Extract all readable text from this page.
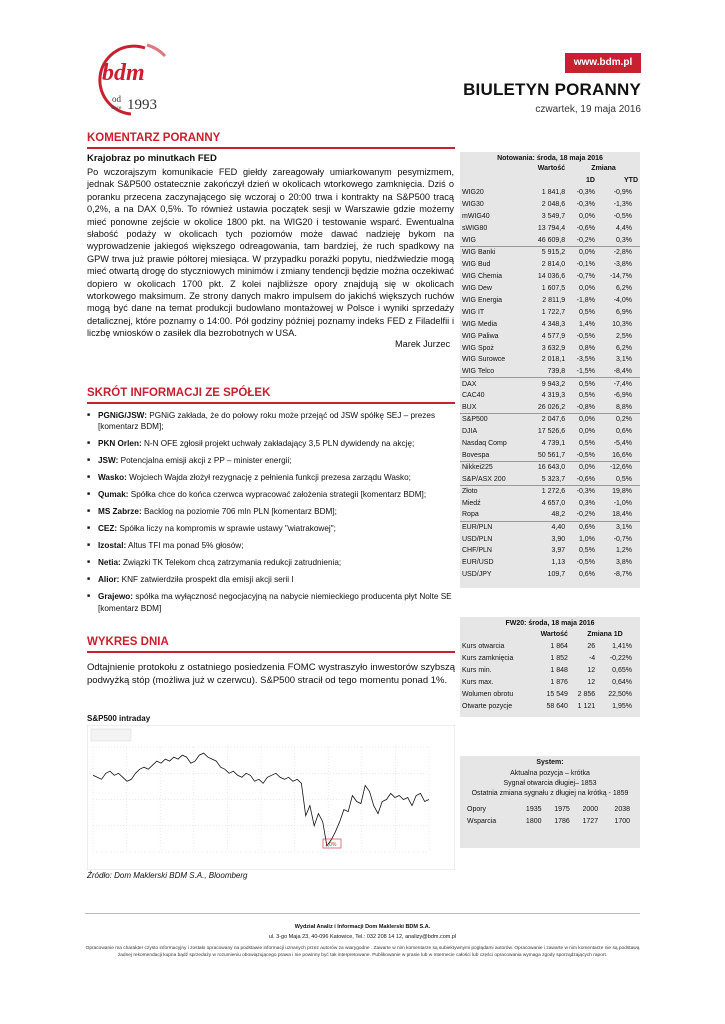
bdm
od
since 1993
www.bdm.pl
BIULETYN PORANNY
czwartek, 19 maja 2016
KOMENTARZ PORANNY
Krajobraz po minutkach FED
Po wczorajszym komunikacie FED giełdy zareagowały umiarkowanym pesymizmem, jednak S&P500 ostatecznie zakończył dzień w okolicach wtorkowego zamknięcia. Dziś o poranku przecena zaczynającego się wczoraj o 20:00 trwa i kontrakty na S&P500 tracą 0,2%, a na DAX 0,5%. To również ustawia początek sesji w Warszawie gdzie możemy mieć ponowne zejście w okolice 1800 pkt. na WIG20 i testowanie wsparć. Ewentualna słabość podaży w okolicach tych poziomów może dawać nadzieję bykom na wyprowadzenie jakiegoś większego odreagowania, tam bardziej, że ruch spadkowy na GPW trwa już prawie półtorej miesiąca. W przypadku porażki popytu, niedźwiedzie mogą mieć otwartą drogę do styczniowych minimów i zmiany tendencji będzie można oczekiwać dopiero w okolicach 1700 pkt. Z kolei najbliższe opory znajdują się w okolicach wtorkowego maksimum. Ze strony danych makro impulsem do jakichś większych ruchów mogą być dane na temat produkcji budowlano montażowej w Polsce i wyniki sprzedaży detalicznej, które poznamy o 14:00. Pół godziny później poznamy indeks FED z Filadelfii i liczbę wniosków o zasiłek dla bezrobotnych w USA.
Marek Jurzec
SKRÓT INFORMACJI ZE SPÓŁEK
■ PGNiG/JSW: PGNiG zakłada, że do połowy roku może przejąć od JSW spółkę SEJ – prezes [komentarz BDM];
■ PKN Orlen: N-N OFE zgłosił projekt uchwały zakładający 3,5 PLN dywidendy na akcję;
■ JSW: Potencjalna emisji akcji z PP – minister energii;
■ Wasko: Wojciech Wajda złożył rezygnację z pełnienia funkcji prezesa zarządu Wasko;
■ Qumak: Spółka chce do końca czerwca wypracować założenia strategii [komentarz BDM];
■ MS Zabrze: Backlog na poziomie 706 mln PLN [komentarz BDM];
■ CEZ: Spółka liczy na kompromis w sprawie ustawy "wiatrakowej";
■ Izostal: Altus TFI ma ponad 5% głosów;
■ Netia: Związki TK Telekom chcą zatrzymania redukcji zatrudnienia;
■ Alior: KNF zatwierdziła prospekt dla emisji akcji serii I
■ Grajewo: spółka ma wyłącznosć negocjacyjną na nabycie niemieckiego producenta płyt Nolte SE [komentarz BDM]
WYKRES DNIA
Odtajnienie protokołu z ostatniego posiedzenia FOMC wystraszyło inwestorów szybszą podwyżką stóp (możliwa już w czerwcu). S&P500 stracił od tego momentu ponad 1%.
S&P500 intraday
1,0%
Źródło: Dom Maklerski BDM S.A., Bloomberg
Notowania: środa, 18 maja 2016
	Wartość	Zmiana	
		1D	YTD
WIG20	1 841,8	-0,3%	-0,9%
WIG30	2 048,6	-0,3%	-1,3%
mWIG40	3 549,7	0,0%	-0,5%
sWIG80	13 794,4	-0,6%	4,4%
WIG	46 609,8	-0,2%	0,3%
WIG Banki	5 915,2	0,0%	-2,8%
WIG Bud	2 814,0	-0,1%	-3,8%
WIG Chemia	14 036,6	-0,7%	-14,7%
WIG Dew	1 607,5	0,0%	6,2%
WIG Energia	2 811,9	-1,8%	-4,0%
WIG IT	1 722,7	0,5%	6,9%
WIG Media	4 348,3	1,4%	10,3%
WIG Paliwa	4 577,9	-0,5%	2,5%
WIG Spoż	3 632,9	0,8%	6,2%
WIG Surowce	2 018,1	-3,5%	3,1%
WIG Telco	739,8	-1,5%	-8,4%
DAX	9 943,2	0,5%	-7,4%
CAC40	4 319,3	0,5%	-6,9%
BUX	26 026,2	-0,8%	8,8%
S&P500	2 047,6	0,0%	0,2%
DJIA	17 526,6	0,0%	0,6%
Nasdaq Comp	4 739,1	0,5%	-5,4%
Bovespa	50 561,7	-0,5%	16,6%
Nikkei225	16 643,0	0,0%	-12,6%
S&P/ASX 200	5 323,7	-0,6%	0,5%
Złoto	1 272,6	-0,3%	19,8%
Miedź	4 657,0	0,3%	-1,0%
Ropa	48,2	-0,2%	18,4%
EUR/PLN	4,40	0,6%	3,1%
USD/PLN	3,90	1,0%	-0,7%
CHF/PLN	3,97	0,5%	1,2%
EUR/USD	1,13	-0,5%	3,8%
USD/JPY	109,7	0,6%	-8,7%
FW20: środa, 18 maja 2016
	Wartość	Zmiana 1D	
Kurs otwarcia	1 864	26	1,41%
Kurs zamknięcia	1 852	-4	-0,22%
Kurs min.	1 848	12	0,65%
Kurs max.	1 876	12	0,64%
Wolumen obrotu	15 549	2 856	22,50%
Otwarte pozycje	58 640	1 121	1,95%
System:
Aktualna pozycja – krótka
Sygnał otwarcia długiej– 1853
Ostatnia zmiana sygnału z długiej na krótką - 1859
Opory	1935	1975	2000	2038
Wsparcia	1800	1786	1727	1700
Wydział Analiz i Informacji Dom Maklerski BDM S.A.
ul. 3-go Maja 23, 40-096 Katowice, Tel.: 032 208 14 12, analizy@bdm.com.pl
Opracowanie ma charakter czysto informacyjny i zostało opracowany na podstawie informacji uznanych przez autorów za wiarygodne . Zawarte w nim komentarze są subiektywnymi poglądami autorów. Opracowanie i zawarte w nim komentarze nie są podstawą żadnej rekomendacji kupna bądź sprzedaży w rozumieniu obowiązującego prawa i nie powinny być tak interpretowane. Publikowanie w prasie lub w Internecie całości lub części opracowania wymaga zgody sporządzających raport.
